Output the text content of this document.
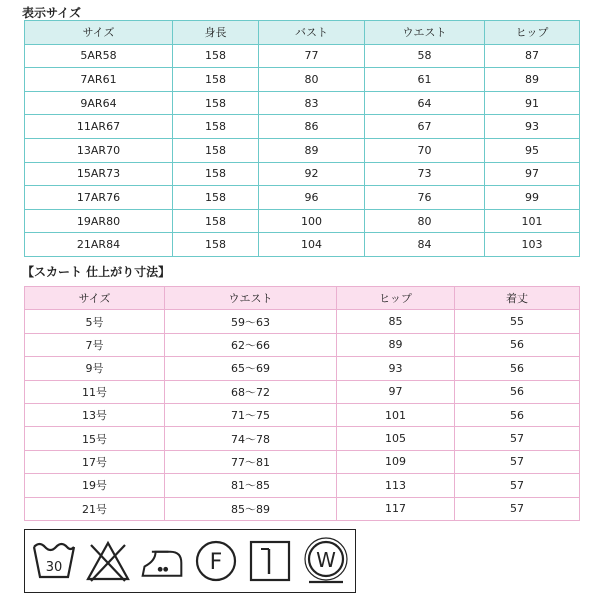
表示サイズ
サイズ	身長	バスト	ウエスト	ヒップ
5AR58	158	77	58	87
7AR61	158	80	61	89
9AR64	158	83	64	91
11AR67	158	86	67	93
13AR70	158	89	70	95
15AR73	158	92	73	97
17AR76	158	96	76	99
19AR80	158	100	80	101
21AR84	158	104	84	103
【スカート 仕上がり寸法】
サイズ	ウエスト	ヒップ	着丈
5号	59～63	85	55
7号	62～66	89	56
9号	65～69	93	56
11号	68～72	97	56
13号	71～75	101	56
15号	74～78	105	57
17号	77～81	109	57
19号	81～85	113	57
21号	85～89	117	57
30	F	W
